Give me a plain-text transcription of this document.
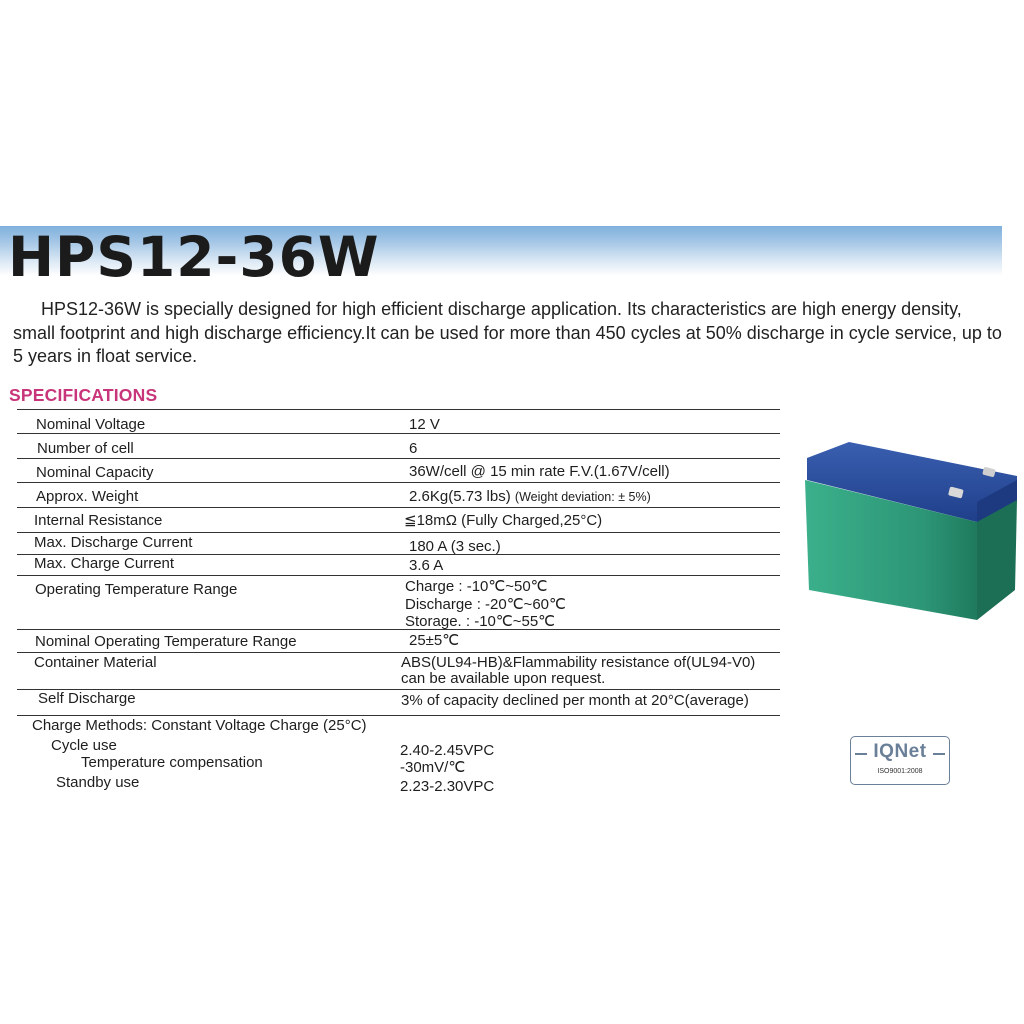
HPS12-36W

HPS12-36W is specially designed for high efficient discharge application. Its characteristics are high energy density, small footprint and high discharge efficiency.It can be used for more than 450 cycles at 50% discharge in cycle service, up to 5 years in float service.

SPECIFICATIONS
Nominal Voltage	12 V
Number of cell	6
Nominal Capacity	36W/cell @ 15 min rate F.V.(1.67V/cell)
Approx. Weight	2.6Kg(5.73 lbs) (Weight deviation: ± 5%)
Internal Resistance	≦18mΩ (Fully Charged,25°C)
Max. Discharge Current	180 A (3 sec.)
Max. Charge Current	3.6 A
Operating Temperature Range	Charge : -10℃~50℃
Discharge : -20℃~60℃
Storage. : -10℃~55℃
Nominal Operating Temperature Range	25±5℃
Container Material	ABS(UL94-HB)&Flammability resistance of(UL94-V0)
can be available upon request.
Self Discharge	3% of capacity declined per month at 20°C(average)
Charge Methods: Constant Voltage Charge (25°C)
Cycle use	2.40-2.45VPC
Temperature compensation	-30mV/℃
Standby use	2.23-2.30VPC
IQNet
ISO9001:2008
